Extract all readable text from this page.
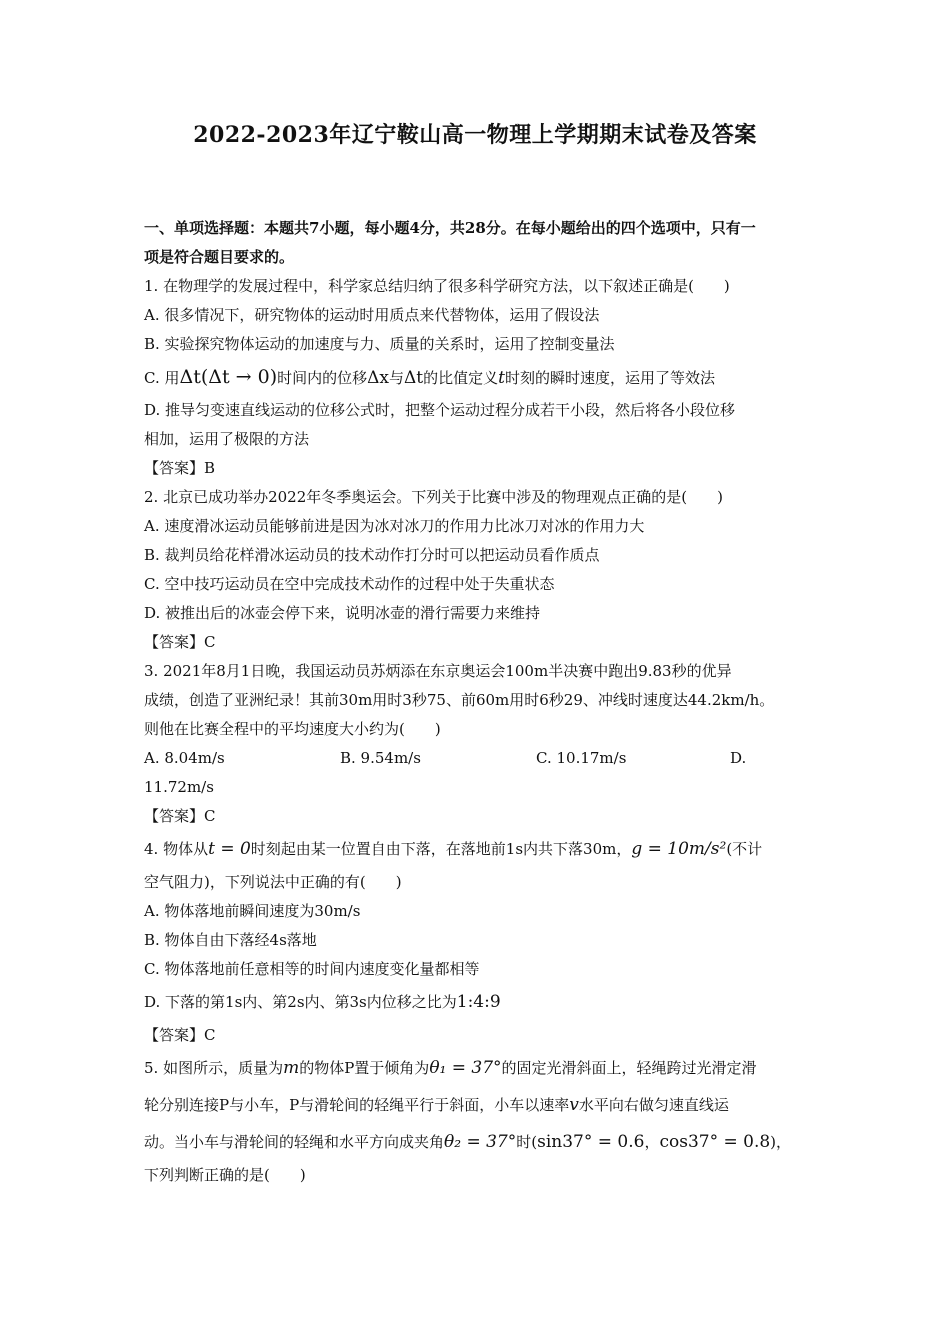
2022-2023年辽宁鞍山高一物理上学期期末试卷及答案
一、单项选择题：本题共7小题，每小题4分，共28分。在每小题给出的四个选项中，只有一
项是符合题目要求的。
1. 在物理学的发展过程中，科学家总结归纳了很多科学研究方法，以下叙述正确是(　　)
A. 很多情况下，研究物体的运动时用质点来代替物体，运用了假设法
B. 实验探究物体运动的加速度与力、质量的关系时，运用了控制变量法
C. 用Δt(Δt → 0)时间内的位移Δx与Δt的比值定义t时刻的瞬时速度，运用了等效法
D. 推导匀变速直线运动的位移公式时，把整个运动过程分成若干小段，然后将各小段位移
相加，运用了极限的方法
【答案】B
2. 北京已成功举办2022年冬季奥运会。下列关于比赛中涉及的物理观点正确的是(　　)
A. 速度滑冰运动员能够前进是因为冰对冰刀的作用力比冰刀对冰的作用力大
B. 裁判员给花样滑冰运动员的技术动作打分时可以把运动员看作质点
C. 空中技巧运动员在空中完成技术动作的过程中处于失重状态
D. 被推出后的冰壶会停下来，说明冰壶的滑行需要力来维持
【答案】C
3. 2021年8月1日晚，我国运动员苏炳添在东京奥运会100m半决赛中跑出9.83秒的优异
成绩，创造了亚洲纪录！其前30m用时3秒75、前60m用时6秒29、冲线时速度达44.2km/h。
则他在比赛全程中的平均速度大小约为(　　)
A. 8.04m/s	B. 9.54m/s	C. 10.17m/s	D.
11.72m/s
【答案】C
4. 物体从t = 0时刻起由某一位置自由下落，在落地前1s内共下落30m，g = 10m/s²(不计
空气阻力)，下列说法中正确的有(　　)
A. 物体落地前瞬间速度为30m/s
B. 物体自由下落经4s落地
C. 物体落地前任意相等的时间内速度变化量都相等
D. 下落的第1s内、第2s内、第3s内位移之比为1:4:9
【答案】C
5. 如图所示，质量为m的物体P置于倾角为θ₁ = 37°的固定光滑斜面上，轻绳跨过光滑定滑
轮分别连接P与小车，P与滑轮间的轻绳平行于斜面，小车以速率v水平向右做匀速直线运
动。当小车与滑轮间的轻绳和水平方向成夹角θ₂ = 37°时(sin37° = 0.6，cos37° = 0.8)，
下列判断正确的是(　　)
